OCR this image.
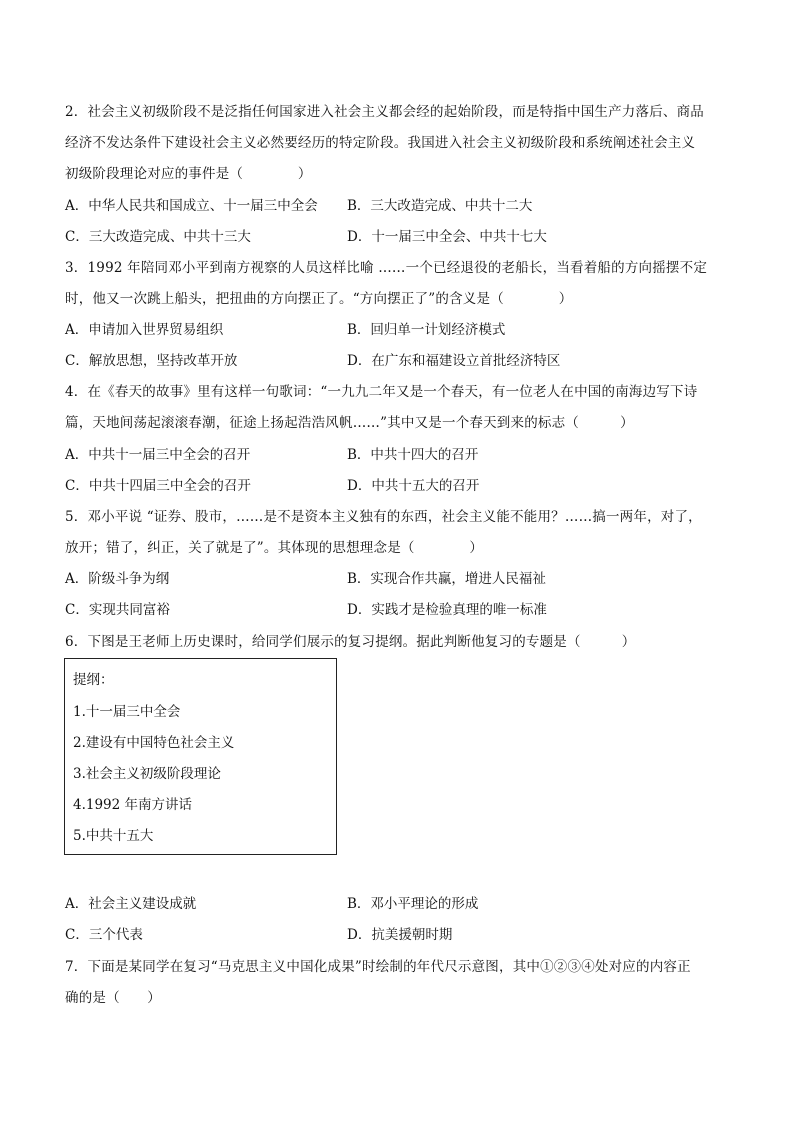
2．社会主义初级阶段不是泛指任何国家进入社会主义都会经的起始阶段，而是特指中国生产力落后、商品
经济不发达条件下建设社会主义必然要经历的特定阶段。我国进入社会主义初级阶段和系统阐述社会主义
初级阶段理论对应的事件是（　　　　）
A．中华人民共和国成立、十一届三中全会 B．三大改造完成、中共十二大
C．三大改造完成、中共十三大	D．十一届三中全会、中共十七大
3．1992 年陪同邓小平到南方视察的人员这样比喻 ……一个已经退役的老船长，当看着船的方向摇摆不定
时，他又一次跳上船头，把扭曲的方向摆正了。“方向摆正了”的含义是（　　　　）
A．申请加入世界贸易组织	B．回归单一计划经济模式
C．解放思想，坚持改革开放	D．在广东和福建设立首批经济特区
4．在《春天的故事》里有这样一句歌词：“一九九二年又是一个春天，有一位老人在中国的南海边写下诗
篇，天地间荡起滚滚春潮，征途上扬起浩浩风帆……”其中又是一个春天到来的标志（　　　）
A．中共十一届三中全会的召开	B．中共十四大的召开
C．中共十四届三中全会的召开	D．中共十五大的召开
5．邓小平说 “证券、股市，……是不是资本主义独有的东西，社会主义能不能用？……搞一两年，对了，
放开；错了，纠正，关了就是了”。其体现的思想理念是（　　　　）
A．阶级斗争为纲	B．实现合作共赢，增进人民福祉
C．实现共同富裕	D．实践才是检验真理的唯一标准
6．下图是王老师上历史课时，给同学们展示的复习提纲。据此判断他复习的专题是（　　　）
提纲：
1.十一届三中全会
2.建设有中国特色社会主义
3.社会主义初级阶段理论
4.1992 年南方讲话
5.中共十五大
A．社会主义建设成就	B．邓小平理论的形成
C．三个代表	D．抗美援朝时期
7．下面是某同学在复习“马克思主义中国化成果”时绘制的年代尺示意图，其中①②③④处对应的内容正
确的是（　　）
